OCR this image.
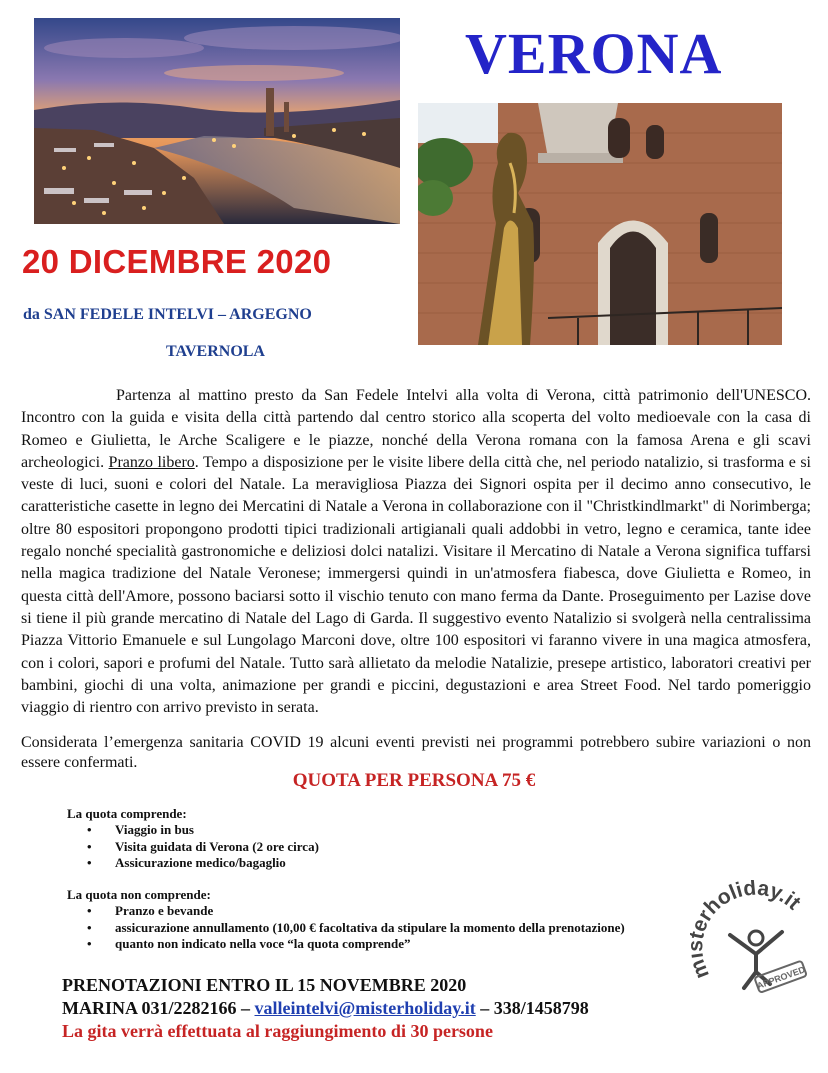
VERONA
20 DICEMBRE 2020
da SAN FEDELE INTELVI – ARGEGNO
TAVERNOLA
Partenza al mattino presto da San Fedele Intelvi alla volta di Verona, città patrimonio dell'UNESCO. Incontro con la guida e visita della città partendo dal centro storico alla scoperta del volto medioevale con la casa di Romeo e Giulietta, le Arche Scaligere e le piazze, nonché della Verona romana con la famosa Arena e gli scavi archeologici. Pranzo libero. Tempo a disposizione per le visite libere della città che, nel periodo natalizio, si trasforma e si veste di luci, suoni e colori del Natale. La meravigliosa Piazza dei Signori ospita per il decimo anno consecutivo, le caratteristiche casette in legno dei Mercatini di Natale a Verona in collaborazione con il "Christkindlmarkt" di Norimberga; oltre 80 espositori propongono prodotti tipici tradizionali artigianali quali addobbi in vetro, legno e ceramica, tante idee regalo nonché specialità gastronomiche e deliziosi dolci natalizi. Visitare il Mercatino di Natale a Verona significa tuffarsi nella magica tradizione del Natale Veronese; immergersi quindi in un'atmosfera fiabesca, dove Giulietta e Romeo, in questa città dell'Amore, possono baciarsi sotto il vischio tenuto con mano ferma da Dante. Proseguimento per Lazise dove si tiene il più grande mercatino di Natale del Lago di Garda. Il suggestivo evento Natalizio si svolgerà nella centralissima Piazza Vittorio Emanuele e sul Lungolago Marconi dove, oltre 100 espositori vi faranno vivere in una magica atmosfera, con i colori, sapori e profumi del Natale. Tutto sarà allietato da melodie Natalizie, presepe artistico, laboratori creativi per bambini, giochi di una volta, animazione per grandi e piccini, degustazioni e area Street Food. Nel tardo pomeriggio viaggio di rientro con arrivo previsto in serata.
Considerata l’emergenza sanitaria COVID 19 alcuni eventi previsti nei programmi potrebbero subire variazioni o non essere confermati.
QUOTA PER PERSONA 75 €
La quota comprende:
• Viaggio in bus
• Visita guidata di Verona (2 ore circa)
• Assicurazione medico/bagaglio
La quota non comprende:
• Pranzo e bevande
• assicurazione annullamento (10,00 € facoltativa da stipulare la momento della prenotazione)
• quanto non indicato nella voce “la quota comprende”
rholiday.it
APPROVED
PRENOTAZIONI ENTRO IL 15 NOVEMBRE 2020
MARINA 031/2282166 – valleintelvi@misterholiday.it – 338/1458798
La gita verrà effettuata al raggiungimento di 30 persone
